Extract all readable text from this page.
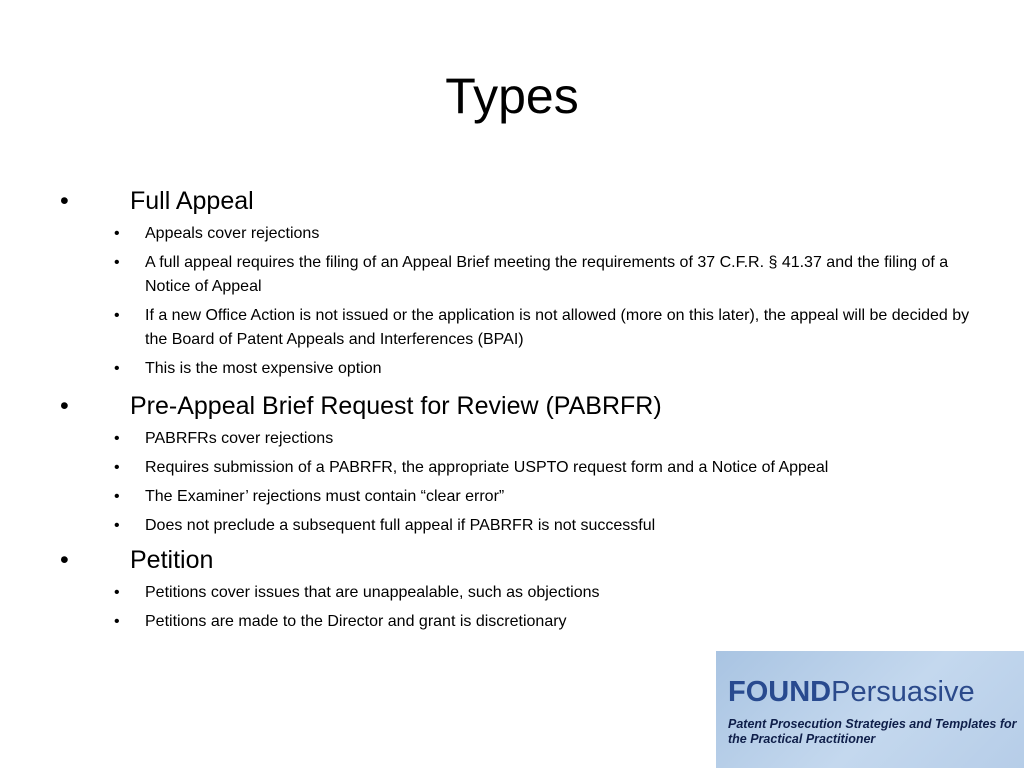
Types
• Full Appeal
• Appeals cover rejections
• A full appeal requires the filing of an Appeal Brief meeting the requirements of 37 C.F.R. § 41.37 and the filing of a Notice of Appeal
• If a new Office Action is not issued or the application is not allowed (more on this later), the appeal will be decided by the Board of Patent Appeals and Interferences (BPAI)
• This is the most expensive option
• Pre-Appeal Brief Request for Review (PABRFR)
• PABRFRs cover rejections
• Requires submission of a PABRFR, the appropriate USPTO request form and a Notice of Appeal
• The Examiner’ rejections must contain “clear error”
• Does not preclude a subsequent full appeal if PABRFR is not successful
• Petition
• Petitions cover issues that are unappealable, such as objections
• Petitions are made to the Director and grant is discretionary
FOUNDPersuasive
Patent Prosecution Strategies and Templates for the Practical Practitioner
